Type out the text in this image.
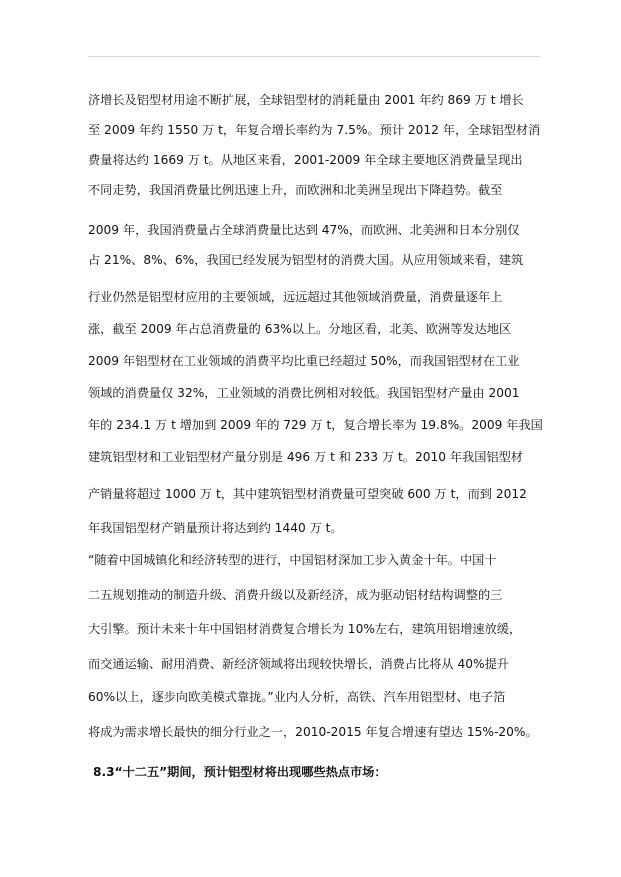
济增长及铝型材用途不断扩展，全球铝型材的消耗量由 2001 年约 869 万 t 增长
至 2009 年约 1550 万 t，年复合增长率约为 7.5%。预计 2012 年，全球铝型材消
费量将达约 1669 万 t。从地区来看，2001-2009 年全球主要地区消费量呈现出
不同走势，我国消费量比例迅速上升，而欧洲和北美洲呈现出下降趋势。截至
2009 年，我国消费量占全球消费量比达到 47%，而欧洲、北美洲和日本分别仅
占 21%、8%、6%，我国已经发展为铝型材的消费大国。从应用领域来看，建筑
行业仍然是铝型材应用的主要领域，远远超过其他领域消费量，消费量逐年上
涨，截至 2009 年占总消费量的 63%以上。分地区看，北美、欧洲等发达地区
2009 年铝型材在工业领域的消费平均比重已经超过 50%，而我国铝型材在工业
领域的消费量仅 32%，工业领域的消费比例相对较低。我国铝型材产量由 2001
年的 234.1 万 t 增加到 2009 年的 729 万 t，复合增长率为 19.8%。2009 年我国
建筑铝型材和工业铝型材产量分别是 496 万 t 和 233 万 t。2010 年我国铝型材
产销量将超过 1000 万 t，其中建筑铝型材消费量可望突破 600 万 t，而到 2012
年我国铝型材产销量预计将达到约 1440 万 t。
“随着中国城镇化和经济转型的进行，中国铝材深加工步入黄金十年。中国十
二五规划推动的制造升级、消费升级以及新经济，成为驱动铝材结构调整的三
大引擎。预计未来十年中国铝材消费复合增长为 10%左右，建筑用铝增速放缓，
而交通运输、耐用消费、新经济领域将出现较快增长，消费占比将从 40%提升
60%以上，逐步向欧美模式靠拢。”业内人分析，高铁、汽车用铝型材、电子箔
将成为需求增长最快的细分行业之一，2010-2015 年复合增速有望达 15%-20%。
8.3“十二五”期间，预计铝型材将出现哪些热点市场：
